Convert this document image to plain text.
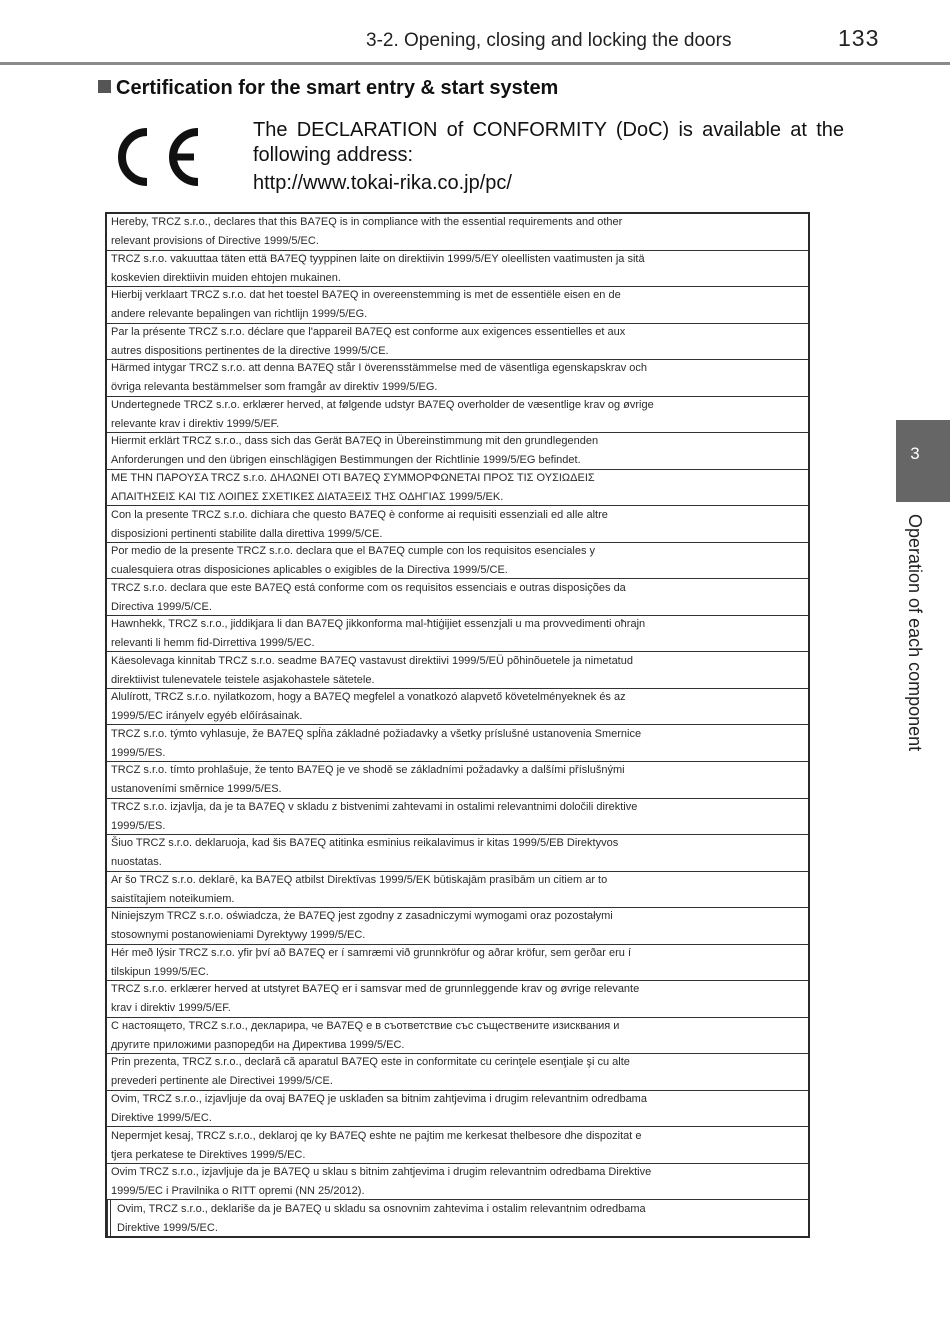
3-2. Opening, closing and locking the doors	133
Certification for the smart entry & start system
The DECLARATION of CONFORMITY (DoC) is available at the following address:
http://www.tokai-rika.co.jp/pc/
3
Operation of each component
Hereby, TRCZ s.r.o., declares that this BA7EQ is in compliance with the essential requirements and other relevant provisions of Directive 1999/5/EC.
TRCZ s.r.o. vakuuttaa täten että BA7EQ tyyppinen laite on direktiivin 1999/5/EY oleellisten vaatimusten ja sitä koskevien direktiivin muiden ehtojen mukainen.
Hierbij verklaart TRCZ s.r.o. dat het toestel BA7EQ in overeenstemming is met de essentiële eisen en de andere relevante bepalingen van richtlijn 1999/5/EG.
Par la présente TRCZ s.r.o. déclare que l'appareil BA7EQ est conforme aux exigences essentielles et aux autres dispositions pertinentes de la directive 1999/5/CE.
Härmed intygar TRCZ s.r.o. att denna BA7EQ står I överensstämmelse med de väsentliga egenskapskrav och övriga relevanta bestämmelser som framgår av direktiv 1999/5/EG.
Undertegnede TRCZ s.r.o. erklærer herved, at følgende udstyr BA7EQ overholder de væsentlige krav og øvrige relevante krav i direktiv 1999/5/EF.
Hiermit erklärt TRCZ s.r.o., dass sich das Gerät BA7EQ in Übereinstimmung mit den grundlegenden Anforderungen und den übrigen einschlägigen Bestimmungen der Richtlinie 1999/5/EG befindet.
ΜΕ ΤΗΝ ΠΑΡΟΥΣΑ TRCZ s.r.o. ΔΗΛΩΝΕΙ ΟΤΙ BA7EQ ΣΥΜΜΟΡΦΩΝΕΤΑΙ ΠΡΟΣ ΤΙΣ ΟΥΣΙΩΔΕΙΣ ΑΠΑΙΤΗΣΕΙΣ ΚΑΙ ΤΙΣ ΛΟΙΠΕΣ ΣΧΕΤΙΚΕΣ ΔΙΑΤΑΞΕΙΣ ΤΗΣ ΟΔΗΓΙΑΣ 1999/5/ΕΚ.
Con la presente TRCZ s.r.o. dichiara che questo BA7EQ è conforme ai requisiti essenziali ed alle altre disposizioni pertinenti stabilite dalla direttiva 1999/5/CE.
Por medio de la presente TRCZ s.r.o. declara que el BA7EQ cumple con los requisitos esenciales y cualesquiera otras disposiciones aplicables o exigibles de la Directiva 1999/5/CE.
TRCZ s.r.o. declara que este BA7EQ está conforme com os requisitos essenciais e outras disposições da Directiva 1999/5/CE.
Hawnhekk, TRCZ s.r.o., jiddikjara li dan BA7EQ jikkonforma mal-ħtiġijiet essenzjali u ma provvedimenti oħrajn relevanti li hemm fid-Dirrettiva 1999/5/EC.
Käesolevaga kinnitab TRCZ s.r.o. seadme BA7EQ vastavust direktiivi 1999/5/EÜ põhinõuetele ja nimetatud direktiivist tulenevatele teistele asjakohastele sätetele.
Alulírott, TRCZ s.r.o. nyilatkozom, hogy a BA7EQ megfelel a vonatkozó alapvető követelményeknek és az 1999/5/EC irányelv egyéb előírásainak.
TRCZ s.r.o. týmto vyhlasuje, že BA7EQ spĺňa základné požiadavky a všetky príslušné ustanovenia Smernice 1999/5/ES.
TRCZ s.r.o. tímto prohlašuje, že tento BA7EQ je ve shodě se základními požadavky a dalšími příslušnými ustanoveními směrnice 1999/5/ES.
TRCZ s.r.o. izjavlja, da je ta BA7EQ v skladu z bistvenimi zahtevami in ostalimi relevantnimi določili direktive 1999/5/ES.
Šiuo TRCZ s.r.o. deklaruoja, kad šis BA7EQ atitinka esminius reikalavimus ir kitas 1999/5/EB Direktyvos nuostatas.
Ar šo TRCZ s.r.o. deklarē, ka BA7EQ atbilst Direktīvas 1999/5/EK būtiskajām prasībām un citiem ar to saistītajiem noteikumiem.
Niniejszym TRCZ s.r.o. oświadcza, że BA7EQ jest zgodny z zasadniczymi wymogami oraz pozostałymi stosownymi postanowieniami Dyrektywy 1999/5/EC.
Hér með lýsir TRCZ s.r.o. yfir því að BA7EQ er í samræmi við grunnkröfur og aðrar kröfur, sem gerðar eru í tilskipun 1999/5/EC.
TRCZ s.r.o. erklærer herved at utstyret BA7EQ er i samsvar med de grunnleggende krav og øvrige relevante krav i direktiv 1999/5/EF.
С настоящето, TRCZ s.r.o., декларира, че BA7EQ е в съответствие със съществените изисквания и другите приложими разпоредби на Директива 1999/5/ЕС.
Prin prezenta, TRCZ s.r.o., declară că aparatul BA7EQ este in conformitate cu cerinţele esenţiale şi cu alte prevederi pertinente ale Directivei 1999/5/CE.
Ovim, TRCZ s.r.o., izjavljuje da ovaj BA7EQ je usklađen sa bitnim zahtjevima i drugim relevantnim odredbama Direktive 1999/5/EC.
Nepermjet kesaj, TRCZ s.r.o., deklaroj qe ky BA7EQ eshte ne pajtim me kerkesat thelbesore dhe dispozitat e tjera perkatese te Direktives 1999/5/EC.
Ovim TRCZ s.r.o., izjavljuje da je BA7EQ u sklau s bitnim zahtjevima i drugim relevantnim odredbama Direktive 1999/5/EC i Pravilnika o RITT opremi (NN 25/2012).
Ovim, TRCZ s.r.o., deklariše da je BA7EQ u skladu sa osnovnim zahtevima i ostalim relevantnim odredbama Direktive 1999/5/EC.
